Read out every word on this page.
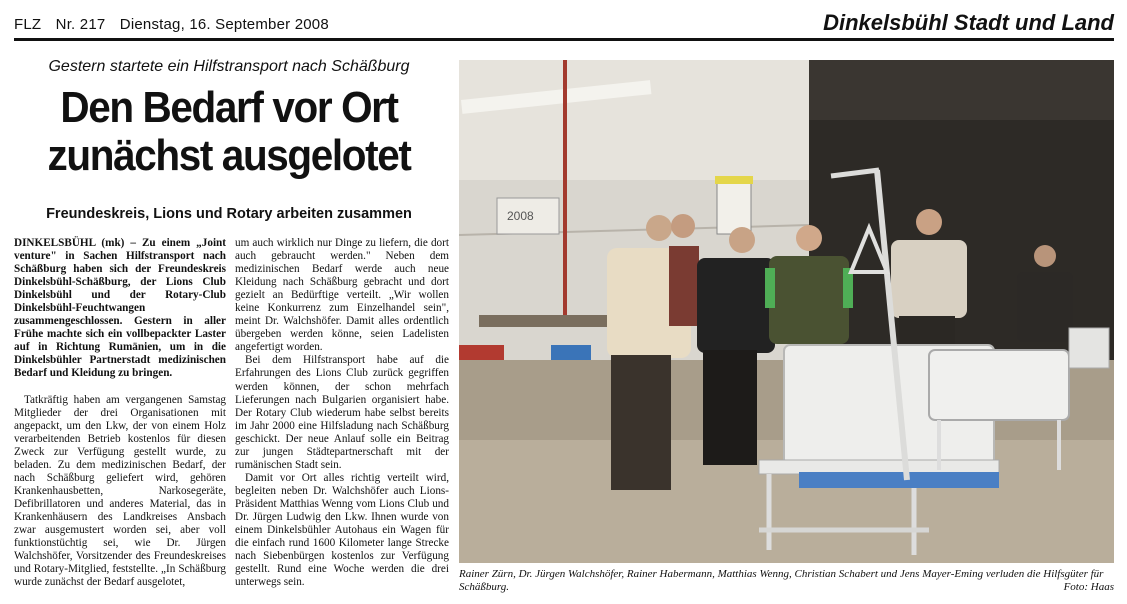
FLZ Nr. 217 Dienstag, 16. September 2008	Dinkelsbühl Stadt und Land
Gestern startete ein Hilfstransport nach Schäßburg
Den Bedarf vor Ort
zunächst ausgelotet
Freundeskreis, Lions und Rotary arbeiten zusammen

DINKELSBÜHL (mk) – Zu einem „Joint venture" in Sachen Hilfstransport nach Schäßburg haben sich der Freundeskreis Dinkelsbühl-Schäßburg, der Lions Club Dinkelsbühl und der Rotary-Club Dinkelsbühl-Feuchtwangen zusammengeschlossen. Gestern in aller Frühe machte sich ein vollbepackter Laster auf in Richtung Rumänien, um in die Dinkelsbühler Partnerstadt medizinischen Bedarf und Kleidung zu bringen.

Tatkräftig haben am vergangenen Samstag Mitglieder der drei Organisationen mit angepackt, um den Lkw, der von einem Holz verarbeitenden Betrieb kostenlos für diesen Zweck zur Verfügung gestellt wurde, zu beladen. Zu dem medizinischen Bedarf, der nach Schäßburg geliefert wird, gehören Krankenhausbetten, Narkosegeräte, Defibrillatoren und anderes Material, das in Krankenhäusern des Landkreises Ansbach zwar ausgemustert worden sei, aber voll funktionstüchtig sei, wie Dr. Jürgen Walchshöfer, Vorsitzender des Freundeskreises und Rotary-Mitglied, feststellte. „In Schäßburg wurde zunächst der Bedarf ausgelotet,

um auch wirklich nur Dinge zu liefern, die dort auch gebraucht werden." Neben dem medizinischen Bedarf werde auch neue Kleidung nach Schäßburg gebracht und dort gezielt an Bedürftige verteilt. „Wir wollen keine Konkurrenz zum Einzelhandel sein", meint Dr. Walchshöfer. Damit alles ordentlich übergeben werden könne, seien Ladelisten angefertigt worden.

Bei dem Hilfstransport habe auf die Erfahrungen des Lions Club zurück gegriffen werden können, der schon mehrfach Lieferungen nach Bulgarien organisiert habe. Der Rotary Club wiederum habe selbst bereits im Jahr 2000 eine Hilfsladung nach Schäßburg geschickt. Der neue Anlauf solle ein Beitrag zur jungen Städtepartnerschaft mit der rumänischen Stadt sein.

Damit vor Ort alles richtig verteilt wird, begleiten neben Dr. Walchshöfer auch Lions-Präsident Matthias Wenng vom Lions Club und Dr. Jürgen Ludwig den Lkw. Ihnen wurde von einem Dinkelsbühler Autohaus ein Wagen für die einfach rund 1600 Kilometer lange Strecke nach Siebenbürgen kostenlos zur Verfügung gestellt. Rund eine Woche werden die drei unterwegs sein.

2008
Rainer Zürn, Dr. Jürgen Walchshöfer, Rainer Habermann, Matthias Wenng, Christian Schabert und Jens Mayer-Eming verluden die Hilfsgüter für Schäßburg.	Foto: Haas
